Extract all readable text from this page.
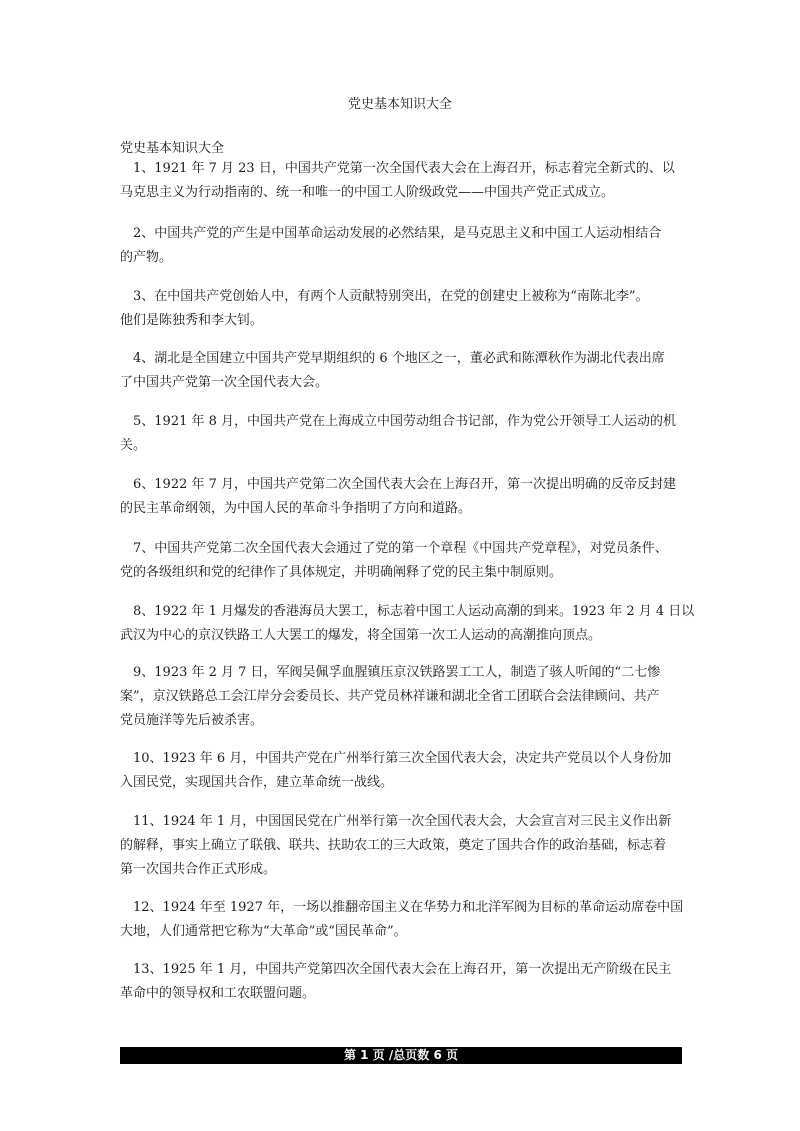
党史基本知识大全
党史基本知识大全
1、1921 年 7 月 23 日，中国共产党第一次全国代表大会在上海召开，标志着完全新式的、以
马克思主义为行动指南的、统一和唯一的中国工人阶级政党——中国共产党正式成立。
2、中国共产党的产生是中国革命运动发展的必然结果，是马克思主义和中国工人运动相结合
的产物。
3、在中国共产党创始人中，有两个人贡献特别突出，在党的创建史上被称为“南陈北李”。
他们是陈独秀和李大钊。
4、湖北是全国建立中国共产党早期组织的 6 个地区之一，董必武和陈潭秋作为湖北代表出席
了中国共产党第一次全国代表大会。
5、1921 年 8 月，中国共产党在上海成立中国劳动组合书记部，作为党公开领导工人运动的机
关。
6、1922 年 7 月，中国共产党第二次全国代表大会在上海召开，第一次提出明确的反帝反封建
的民主革命纲领，为中国人民的革命斗争指明了方向和道路。
7、中国共产党第二次全国代表大会通过了党的第一个章程《中国共产党章程》，对党员条件、
党的各级组织和党的纪律作了具体规定，并明确阐释了党的民主集中制原则。
8、1922 年 1 月爆发的香港海员大罢工，标志着中国工人运动高潮的到来。1923 年 2 月 4 日以
武汉为中心的京汉铁路工人大罢工的爆发，将全国第一次工人运动的高潮推向顶点。
9、1923 年 2 月 7 日，军阀吴佩孚血腥镇压京汉铁路罢工工人，制造了骇人听闻的“二七惨
案”，京汉铁路总工会江岸分会委员长、共产党员林祥谦和湖北全省工团联合会法律顾问、共产
党员施洋等先后被杀害。
10、1923 年 6 月，中国共产党在广州举行第三次全国代表大会，决定共产党员以个人身份加
入国民党，实现国共合作，建立革命统一战线。
11、1924 年 1 月，中国国民党在广州举行第一次全国代表大会，大会宣言对三民主义作出新
的解释，事实上确立了联俄、联共、扶助农工的三大政策，奠定了国共合作的政治基础，标志着
第一次国共合作正式形成。
12、1924 年至 1927 年，一场以推翻帝国主义在华势力和北洋军阀为目标的革命运动席卷中国
大地，人们通常把它称为“大革命”或“国民革命”。
13、1925 年 1 月，中国共产党第四次全国代表大会在上海召开，第一次提出无产阶级在民主
革命中的领导权和工农联盟问题。
第 1 页 /总页数 6 页
